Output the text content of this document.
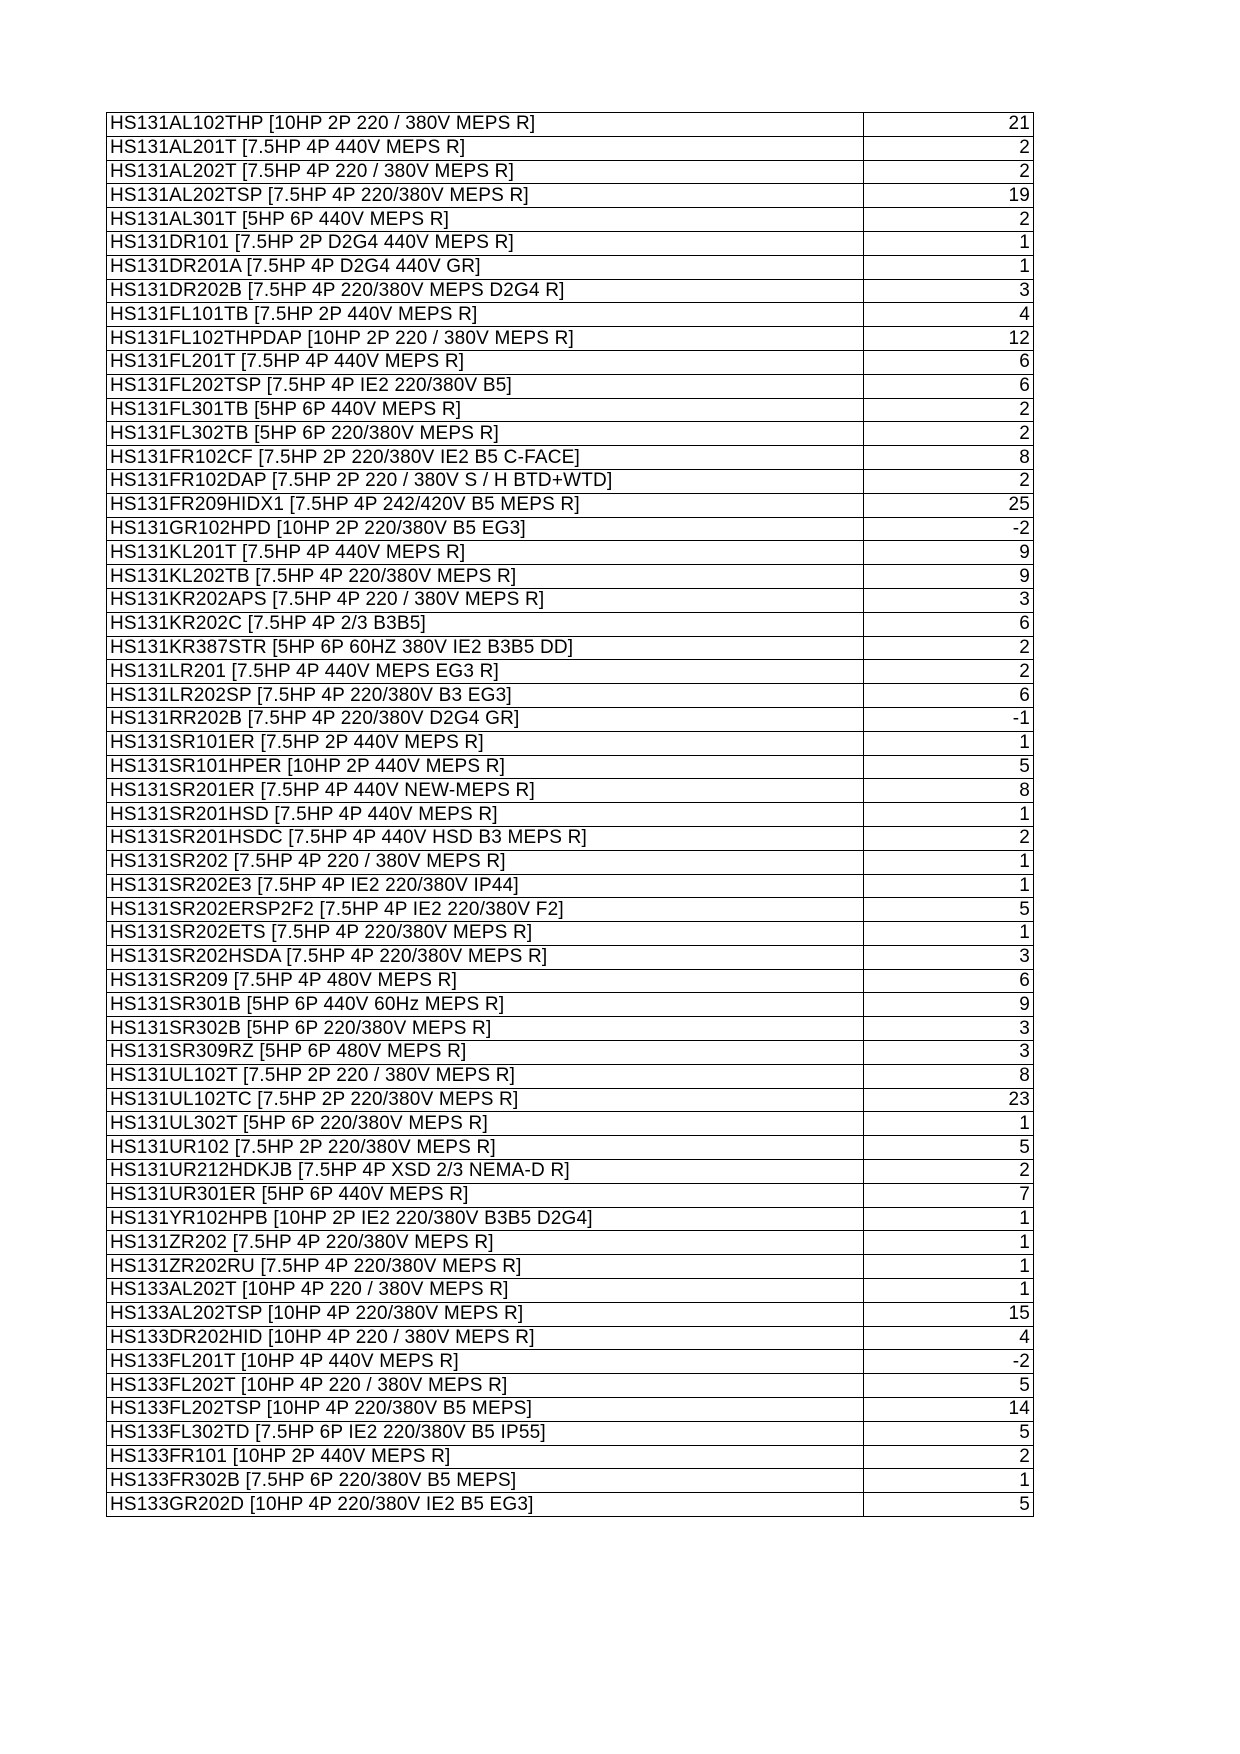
HS131AL102THP [10HP 2P 220 / 380V MEPS R]	21
HS131AL201T [7.5HP 4P 440V MEPS R]	2
HS131AL202T [7.5HP 4P 220 / 380V MEPS R]	2
HS131AL202TSP [7.5HP 4P 220/380V MEPS R]	19
HS131AL301T [5HP 6P 440V MEPS R]	2
HS131DR101 [7.5HP 2P D2G4 440V MEPS R]	1
HS131DR201A [7.5HP 4P D2G4 440V GR]	1
HS131DR202B [7.5HP 4P 220/380V MEPS D2G4 R]	3
HS131FL101TB [7.5HP 2P 440V MEPS R]	4
HS131FL102THPDAP [10HP 2P 220 / 380V MEPS R]	12
HS131FL201T [7.5HP 4P 440V MEPS R]	6
HS131FL202TSP [7.5HP 4P IE2 220/380V B5]	6
HS131FL301TB [5HP 6P 440V MEPS R]	2
HS131FL302TB [5HP 6P 220/380V MEPS R]	2
HS131FR102CF [7.5HP 2P 220/380V IE2 B5 C-FACE]	8
HS131FR102DAP [7.5HP 2P 220 / 380V S / H BTD+WTD]	2
HS131FR209HIDX1 [7.5HP 4P 242/420V B5 MEPS R]	25
HS131GR102HPD [10HP 2P 220/380V B5 EG3]	-2
HS131KL201T [7.5HP 4P 440V MEPS R]	9
HS131KL202TB [7.5HP 4P 220/380V MEPS R]	9
HS131KR202APS [7.5HP 4P 220 / 380V MEPS R]	3
HS131KR202C [7.5HP 4P 2/3 B3B5]	6
HS131KR387STR [5HP 6P 60HZ 380V IE2 B3B5 DD]	2
HS131LR201 [7.5HP 4P 440V MEPS EG3 R]	2
HS131LR202SP [7.5HP 4P 220/380V B3 EG3]	6
HS131RR202B [7.5HP 4P 220/380V D2G4 GR]	-1
HS131SR101ER [7.5HP 2P 440V MEPS R]	1
HS131SR101HPER [10HP 2P 440V MEPS R]	5
HS131SR201ER [7.5HP 4P 440V NEW-MEPS R]	8
HS131SR201HSD [7.5HP 4P 440V MEPS R]	1
HS131SR201HSDC [7.5HP 4P 440V HSD B3 MEPS R]	2
HS131SR202 [7.5HP 4P 220 / 380V MEPS R]	1
HS131SR202E3 [7.5HP 4P IE2 220/380V IP44]	1
HS131SR202ERSP2F2 [7.5HP 4P IE2 220/380V F2]	5
HS131SR202ETS [7.5HP 4P 220/380V MEPS R]	1
HS131SR202HSDA [7.5HP 4P 220/380V MEPS R]	3
HS131SR209 [7.5HP 4P 480V MEPS R]	6
HS131SR301B [5HP 6P 440V 60Hz MEPS R]	9
HS131SR302B [5HP 6P 220/380V MEPS R]	3
HS131SR309RZ [5HP 6P 480V MEPS R]	3
HS131UL102T [7.5HP 2P 220 / 380V MEPS R]	8
HS131UL102TC [7.5HP 2P 220/380V MEPS R]	23
HS131UL302T [5HP 6P 220/380V MEPS R]	1
HS131UR102 [7.5HP 2P 220/380V MEPS R]	5
HS131UR212HDKJB [7.5HP 4P XSD 2/3 NEMA-D R]	2
HS131UR301ER [5HP 6P 440V MEPS R]	7
HS131YR102HPB [10HP 2P IE2 220/380V B3B5 D2G4]	1
HS131ZR202 [7.5HP 4P 220/380V MEPS R]	1
HS131ZR202RU [7.5HP 4P 220/380V MEPS R]	1
HS133AL202T [10HP 4P 220 / 380V MEPS R]	1
HS133AL202TSP [10HP 4P 220/380V MEPS R]	15
HS133DR202HID [10HP 4P 220 / 380V MEPS R]	4
HS133FL201T [10HP 4P 440V MEPS R]	-2
HS133FL202T [10HP 4P 220 / 380V MEPS R]	5
HS133FL202TSP [10HP 4P 220/380V B5 MEPS]	14
HS133FL302TD [7.5HP 6P IE2 220/380V B5 IP55]	5
HS133FR101 [10HP 2P 440V MEPS R]	2
HS133FR302B [7.5HP 6P 220/380V B5 MEPS]	1
HS133GR202D [10HP 4P 220/380V IE2 B5 EG3]	5
